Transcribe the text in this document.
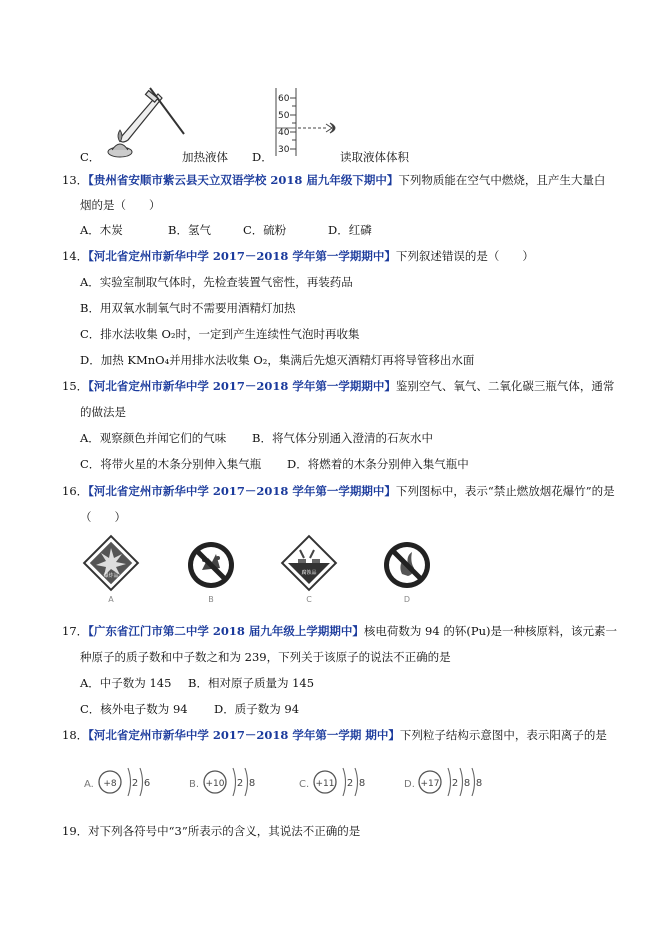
C．	加热液体 D．
60
50
40
30	读取液体体积
13．【贵州省安顺市紫云县天立双语学校 2018 届九年级下期中】下列物质能在空气中燃烧，且产生大量白
烟的是（　　）
A．木炭	B．氢气	C．硫粉	D．红磷
14．【河北省定州市新华中学 2017－2018 学年第一学期期中】下列叙述错误的是（　　）
A．实验室制取气体时，先检查装置气密性，再装药品
B．用双氧水制氧气时不需要用酒精灯加热
C．排水法收集 O₂时，一定到产生连续性气泡时再收集
D．加热 KMnO₄并用排水法收集 O₂，集满后先熄灭酒精灯再将导管移出水面
15．【河北省定州市新华中学 2017－2018 学年第一学期期中】鉴别空气、氧气、二氧化碳三瓶气体，通常
的做法是
A．观察颜色并闻它们的气味 B．将气体分别通入澄清的石灰水中
C．将带火星的木条分别伸入集气瓶 D．将燃着的木条分别伸入集气瓶中
16．【河北省定州市新华中学 2017－2018 学年第一学期期中】下列图标中，表示“禁止燃放烟花爆竹”的是
（　　）
爆炸品
A	B
腐蚀品
C	D
17．【广东省江门市第二中学 2018 届九年级上学期期中】核电荷数为 94 的钚(Pu)是一种核原料，该元素一
种原子的质子数和中子数之和为 239，下列关于该原子的说法不正确的是
A．中子数为 145 B．相对原子质量为 145
C．核外电子数为 94 D．质子数为 94
18．【河北省定州市新华中学 2017－2018 学年第一学期 期中】下列粒子结构示意图中，表示阳离子的是
A. +8 2 6	B. +10 2 8	C. +11 2 8	D. +17 2 8 8
19．对下列各符号中“3”所表示的含义，其说法不正确的是
